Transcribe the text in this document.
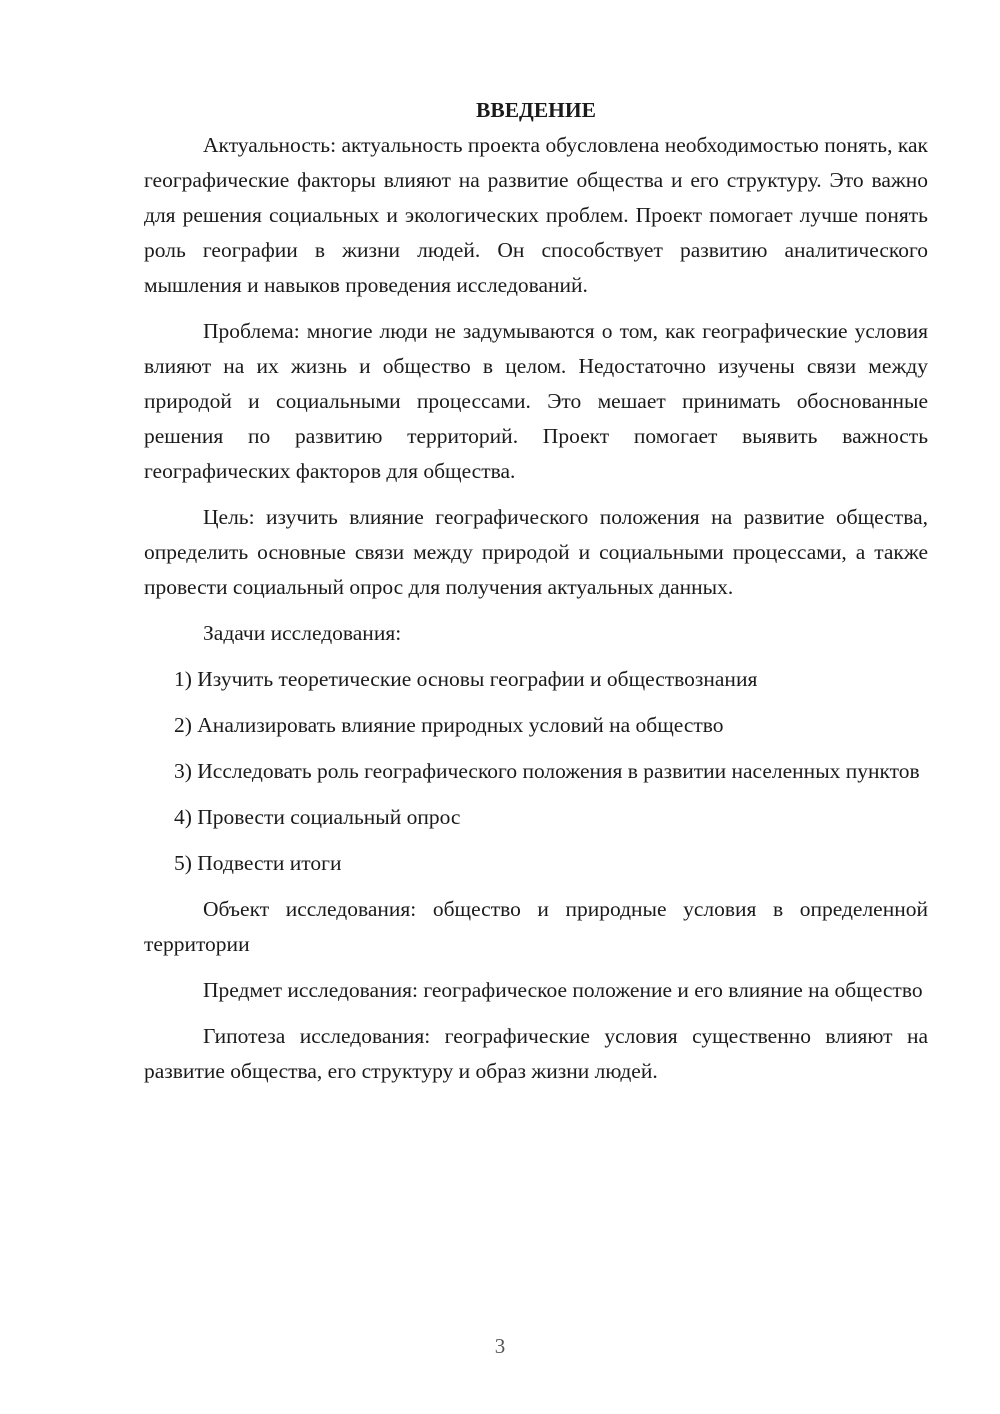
ВВЕДЕНИЕ

Актуальность: актуальность проекта обусловлена необходимостью понять, как географические факторы влияют на развитие общества и его структуру. Это важно для решения социальных и экологических проблем. Проект помогает лучше понять роль географии в жизни людей. Он способствует развитию аналитического мышления и навыков проведения исследований.

Проблема: многие люди не задумываются о том, как географические условия влияют на их жизнь и общество в целом. Недостаточно изучены связи между природой и социальными процессами. Это мешает принимать обоснованные решения по развитию территорий. Проект помогает выявить важность географических факторов для общества.

Цель: изучить влияние географического положения на развитие общества, определить основные связи между природой и социальными процессами, а также провести социальный опрос для получения актуальных данных.

Задачи исследования:

1) Изучить теоретические основы географии и обществознания

2) Анализировать влияние природных условий на общество

3) Исследовать роль географического положения в развитии населенных пунктов

4) Провести социальный опрос

5) Подвести итоги

Объект исследования: общество и природные условия в определенной территории

Предмет исследования: географическое положение и его влияние на общество

Гипотеза исследования: географические условия существенно влияют на развитие общества, его структуру и образ жизни людей.

3
